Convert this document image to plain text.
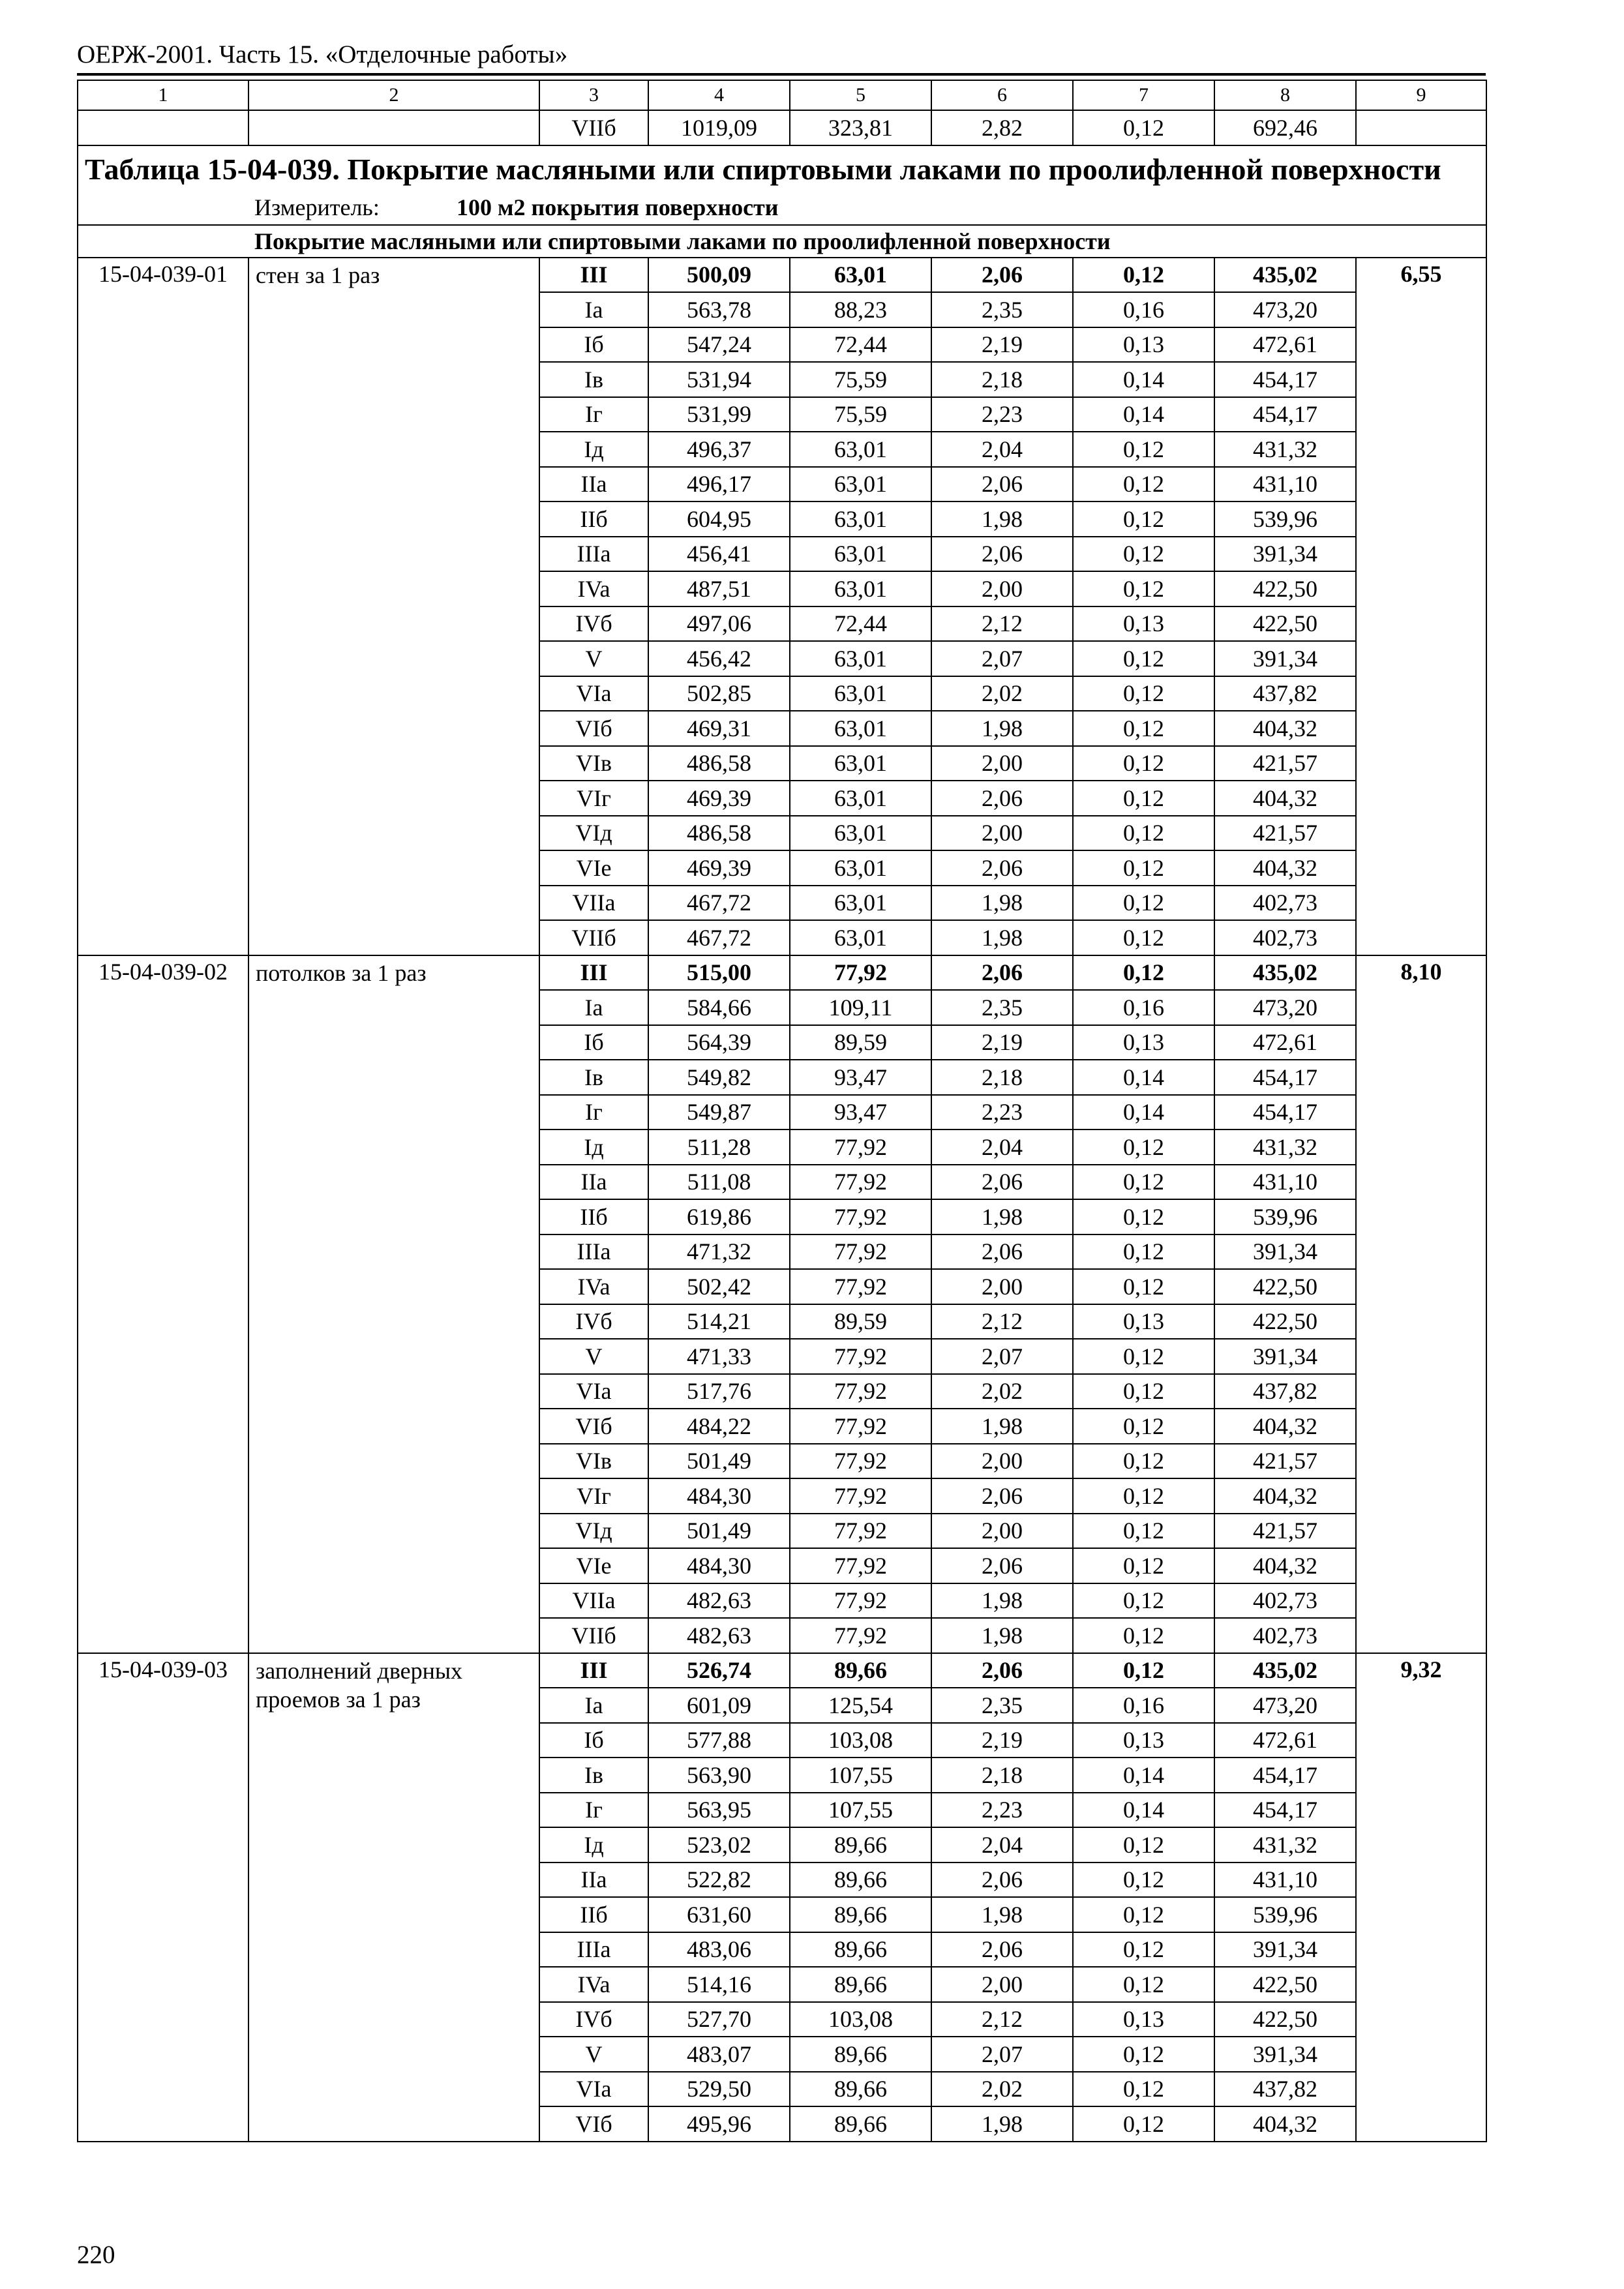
ОЕРЖ-2001. Часть 15. «Отделочные работы»
1	2	3	4	5	6	7	8	9
		VIIб	1019,09	323,81	2,82	0,12	692,46	
Таблица 15-04-039. Покрытие масляными или спиртовыми лаками по проолифленной поверхности								
Измеритель: 100 м2 покрытия поверхности								
Покрытие масляными или спиртовыми лаками по проолифленной поверхности								
15-04-039-01	стен за 1 раз	III	500,09	63,01	2,06	0,12	435,02	6,55
		Ia	563,78	88,23	2,35	0,16	473,20	
		Iб	547,24	72,44	2,19	0,13	472,61	
		Iв	531,94	75,59	2,18	0,14	454,17	
		Iг	531,99	75,59	2,23	0,14	454,17	
		Iд	496,37	63,01	2,04	0,12	431,32	
		IIa	496,17	63,01	2,06	0,12	431,10	
		IIб	604,95	63,01	1,98	0,12	539,96	
		IIIa	456,41	63,01	2,06	0,12	391,34	
		IVa	487,51	63,01	2,00	0,12	422,50	
		IVб	497,06	72,44	2,12	0,13	422,50	
		V	456,42	63,01	2,07	0,12	391,34	
		VIa	502,85	63,01	2,02	0,12	437,82	
		VIб	469,31	63,01	1,98	0,12	404,32	
		VIв	486,58	63,01	2,00	0,12	421,57	
		VIг	469,39	63,01	2,06	0,12	404,32	
		VIд	486,58	63,01	2,00	0,12	421,57	
		VIe	469,39	63,01	2,06	0,12	404,32	
		VIIa	467,72	63,01	1,98	0,12	402,73	
		VIIб	467,72	63,01	1,98	0,12	402,73	
15-04-039-02	потолков за 1 раз	III	515,00	77,92	2,06	0,12	435,02	8,10
		Ia	584,66	109,11	2,35	0,16	473,20	
		Iб	564,39	89,59	2,19	0,13	472,61	
		Iв	549,82	93,47	2,18	0,14	454,17	
		Iг	549,87	93,47	2,23	0,14	454,17	
		Iд	511,28	77,92	2,04	0,12	431,32	
		IIa	511,08	77,92	2,06	0,12	431,10	
		IIб	619,86	77,92	1,98	0,12	539,96	
		IIIa	471,32	77,92	2,06	0,12	391,34	
		IVa	502,42	77,92	2,00	0,12	422,50	
		IVб	514,21	89,59	2,12	0,13	422,50	
		V	471,33	77,92	2,07	0,12	391,34	
		VIa	517,76	77,92	2,02	0,12	437,82	
		VIб	484,22	77,92	1,98	0,12	404,32	
		VIв	501,49	77,92	2,00	0,12	421,57	
		VIг	484,30	77,92	2,06	0,12	404,32	
		VIд	501,49	77,92	2,00	0,12	421,57	
		VIe	484,30	77,92	2,06	0,12	404,32	
		VIIa	482,63	77,92	1,98	0,12	402,73	
		VIIб	482,63	77,92	1,98	0,12	402,73	
15-04-039-03	заполнений дверных проемов за 1 раз	III	526,74	89,66	2,06	0,12	435,02	9,32
		Ia	601,09	125,54	2,35	0,16	473,20	
		Iб	577,88	103,08	2,19	0,13	472,61	
		Iв	563,90	107,55	2,18	0,14	454,17	
		Iг	563,95	107,55	2,23	0,14	454,17	
		Iд	523,02	89,66	2,04	0,12	431,32	
		IIa	522,82	89,66	2,06	0,12	431,10	
		IIб	631,60	89,66	1,98	0,12	539,96	
		IIIa	483,06	89,66	2,06	0,12	391,34	
		IVa	514,16	89,66	2,00	0,12	422,50	
		IVб	527,70	103,08	2,12	0,13	422,50	
		V	483,07	89,66	2,07	0,12	391,34	
		VIa	529,50	89,66	2,02	0,12	437,82	
		VIб	495,96	89,66	1,98	0,12	404,32	
220
